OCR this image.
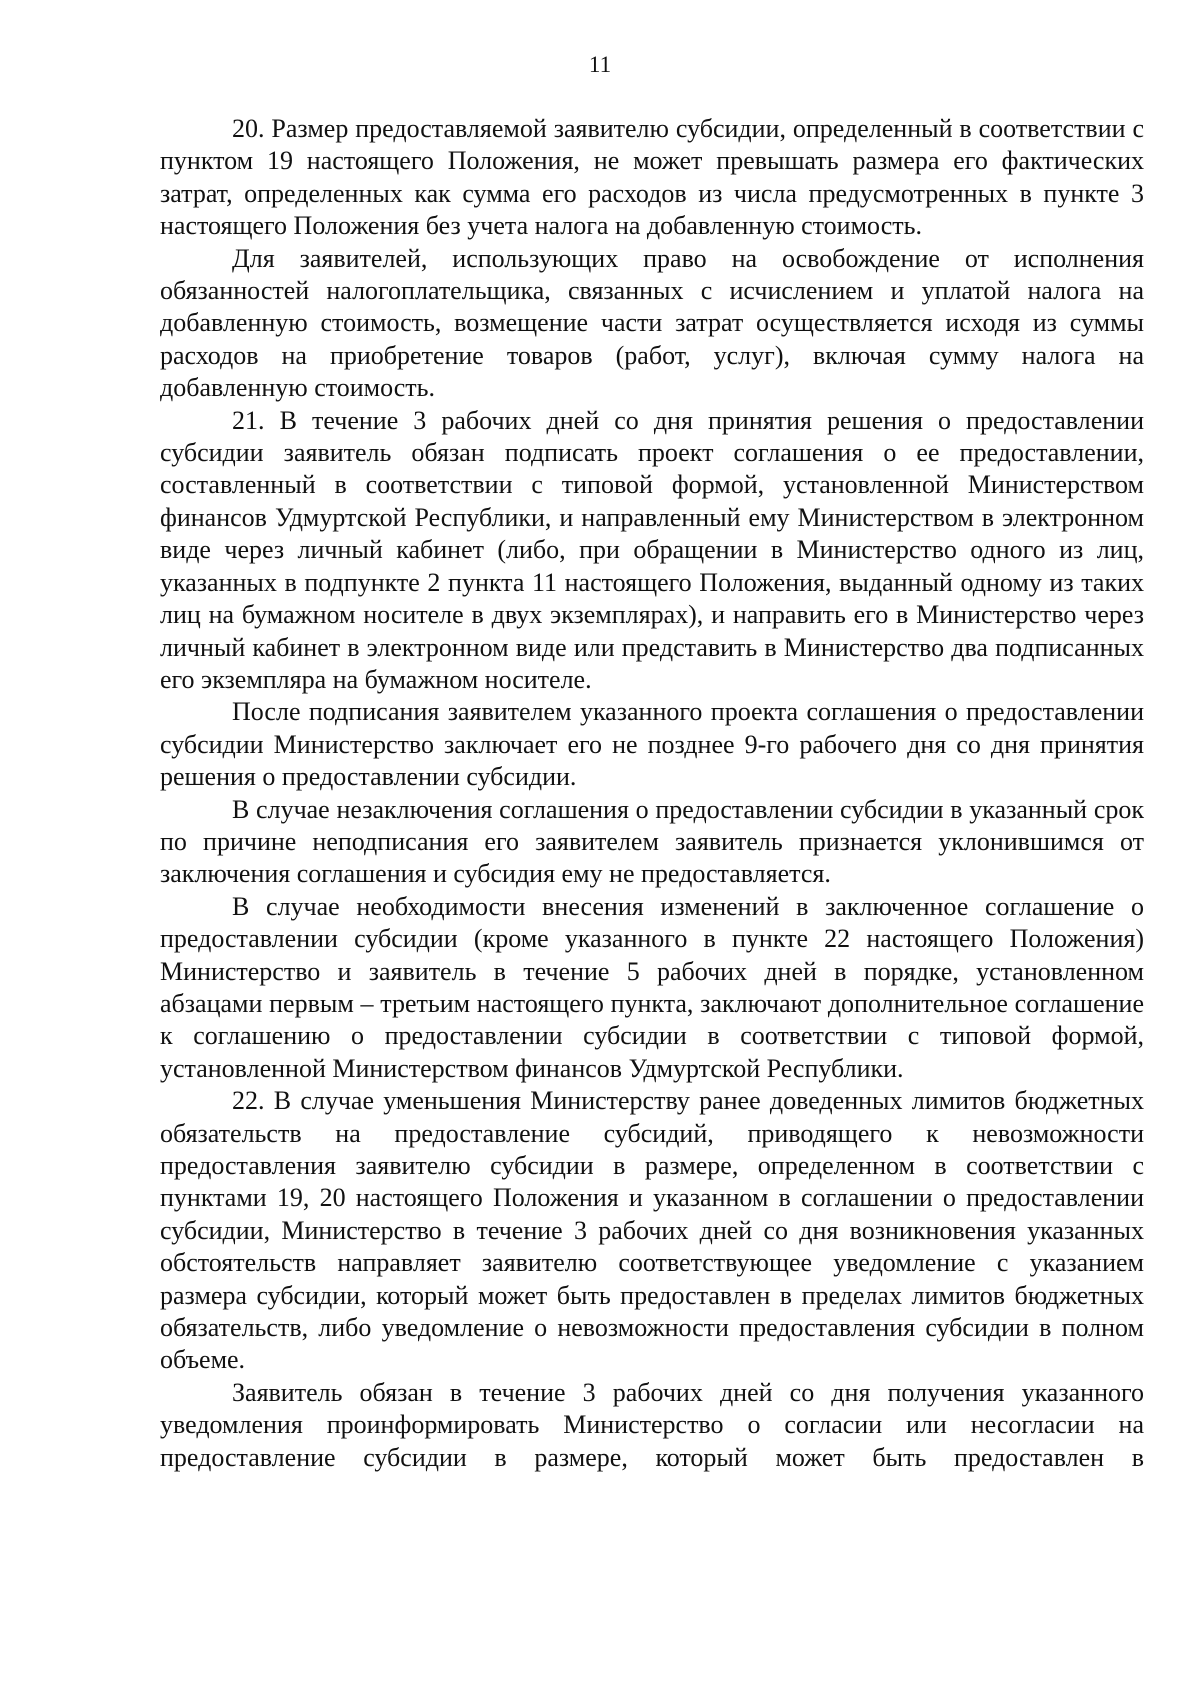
11

20. Размер предоставляемой заявителю субсидии, определенный в соответствии с пунктом 19 настоящего Положения, не может превышать размера его фактических затрат, определенных как сумма его расходов из числа предусмотренных в пункте 3 настоящего Положения без учета налога на добавленную стоимость.

Для заявителей, использующих право на освобождение от исполнения обязанностей налогоплательщика, связанных с исчислением и уплатой налога на добавленную стоимость, возмещение части затрат осуществляется исходя из суммы расходов на приобретение товаров (работ, услуг), включая сумму налога на добавленную стоимость.

21. В течение 3 рабочих дней со дня принятия решения о предоставлении субсидии заявитель обязан подписать проект соглашения о ее предоставлении, составленный в соответствии с типовой формой, установленной Министерством финансов Удмуртской Республики, и направленный ему Министерством в электронном виде через личный кабинет (либо, при обращении в Министерство одного из лиц, указанных в подпункте 2 пункта 11 настоящего Положения, выданный одному из таких лиц на бумажном носителе в двух экземплярах), и направить его в Министерство через личный кабинет в электронном виде или представить в Министерство два подписанных его экземпляра на бумажном носителе.

После подписания заявителем указанного проекта соглашения о предоставлении субсидии Министерство заключает его не позднее 9-го рабочего дня со дня принятия решения о предоставлении субсидии.

В случае незаключения соглашения о предоставлении субсидии в указанный срок по причине неподписания его заявителем заявитель признается уклонившимся от заключения соглашения и субсидия ему не предоставляется.

В случае необходимости внесения изменений в заключенное соглашение о предоставлении субсидии (кроме указанного в пункте 22 настоящего Положения) Министерство и заявитель в течение 5 рабочих дней в порядке, установленном абзацами первым – третьим настоящего пункта, заключают дополнительное соглашение к соглашению о предоставлении субсидии в соответствии с типовой формой, установленной Министерством финансов Удмуртской Республики.

22. В случае уменьшения Министерству ранее доведенных лимитов бюджетных обязательств на предоставление субсидий, приводящего к невозможности предоставления заявителю субсидии в размере, определенном в соответствии с пунктами 19, 20 настоящего Положения и указанном в соглашении о предоставлении субсидии, Министерство в течение 3 рабочих дней со дня возникновения указанных обстоятельств направляет заявителю соответствующее уведомление с указанием размера субсидии, который может быть предоставлен в пределах лимитов бюджетных обязательств, либо уведомление о невозможности предоставления субсидии в полном объеме.

Заявитель обязан в течение 3 рабочих дней со дня получения указанного уведомления проинформировать Министерство о согласии или несогласии на предоставление субсидии в размере, который может быть предоставлен в
